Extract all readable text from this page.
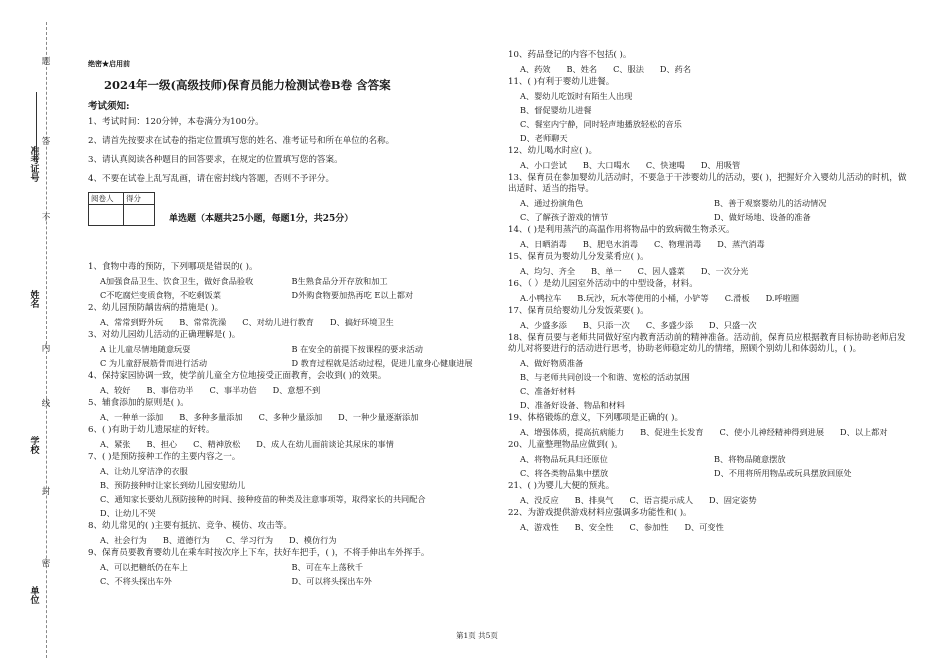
题
答
不
内
线
封
密
准考证号
姓名
学校
单位
绝密★启用前
2024年一级(高级技师)保育员能力检测试卷B卷 含答案
考试须知:
1、考试时间：120分钟，本卷满分为100分。
2、请首先按要求在试卷的指定位置填写您的姓名、准考证号和所在单位的名称。
3、请认真阅读各种题目的回答要求，在规定的位置填写您的答案。
4、不要在试卷上乱写乱画，请在密封线内答题，否则不予评分。
阅卷人	得分

单选题（本题共25小题，每题1分，共25分）
1、食物中毒的预防，下列哪项是错误的( )。
A加强食品卫生、饮食卫生，做好食品验收	B生熟食品分开存放和加工
C不吃腐烂变质食物，不吃剩饭菜	D外购食物要加热再吃 E以上都对
2、幼儿园预防龋齿病的措施是( )。
A、常常到野外玩 B、常常洗澡 C、对幼儿进行教育 D、搞好环境卫生
3、对幼儿园幼儿活动的正确理解是( )。
A 让儿童尽情地随意玩耍	B 在安全的前提下按课程的要求活动
C 为儿童舒展筋骨而进行活动	D 教育过程就是活动过程，促进儿童身心健康进展
4、保持家园协调一致，使学前儿童全方位地接受正面教育，会收到( )的效果。
A、较好 B、事倍功半 C、事半功倍 D、意想不到
5、辅食添加的原则是( )。
A、一种单一添加 B、多种多量添加 C、多种少量添加 D、一种少量逐渐添加
6、( )有助于幼儿遗尿症的好转。
A、紧张 B、担心 C、精神放松 D、成人在幼儿面前谈论其尿床的事情
7、( )是预防接种工作的主要内容之一。
A、让幼儿穿洁净的衣服
B、预防接种时让家长到幼儿园安慰幼儿
C、通知家长要幼儿预防接种的时间、接种疫苗的种类及注意事项等，取得家长的共同配合
D、让幼儿不哭
8、幼儿常见的( )主要有抵抗、竞争、模仿、攻击等。
A、社会行为 B、道德行为 C、学习行为 D、模仿行为
9、保育员要教育婴幼儿在乘车时按次序上下车，扶好车把手，( )，不将手伸出车外挥手。
A、可以把糖纸仍在车上	B、可在车上荡秋千
C、不将头探出车外	D、可以将头探出车外
10、药品登记的内容不包括( )。
A、药效 B、姓名 C、服法 D、药名
11、( )有利于婴幼儿进餐。
A、婴幼儿吃饭时有陌生人出现
B、督促婴幼儿进餐
C、餐室内宁静，同时轻声地播放轻松的音乐
D、老师聊天
12、幼儿喝水时应( )。
A、小口尝试 B、大口喝水 C、快速喝 D、用吸管
13、保育员在参加婴幼儿活动时，不要急于干涉婴幼儿的活动，要( )，把握好介入婴幼儿活动的时机，做出适时、适当的指导。
A、通过扮演角色	B、善于观察婴幼儿的活动情况
C、了解孩子游戏的情节	D、做好场地、设备的准备
14、( )是利用蒸汽的高温作用将物品中的致病微生物杀灭。
A、日晒消毒 B、肥皂水消毒 C、物理消毒 D、蒸汽消毒
15、保育员为婴幼儿分发菜肴应( )。
A、均匀、齐全 B、单一 C、因人盛菜 D、一次分光
16、（ ）是幼儿园室外活动中的中型设备，材料。
A.小鸭拉车 B.玩沙，玩水等使用的小桶，小铲等 C.滑板 D.呼啦圈
17、保育员给婴幼儿分发饭菜要( )。
A、少盛多添 B、只添一次 C、多盛少添 D、只盛一次
18、保育员要与老师共同做好室内教育活动前的精神准备。活动前，保育员应根据教育目标协助老师启发幼儿对将要进行的活动进行思考，协助老师稳定幼儿的情绪，照顾个别幼儿和体弱幼儿，( )。
A、做好物质准备
B、与老师共同创设一个和谐、宽松的活动氛围
C、准备好材料
D、准备好设备、物品和材料
19、体格锻炼的意义，下列哪项是正确的( )。
A、增强体质，提高抗病能力 B、促进生长发育 C、使小儿神经精神得到进展 D、以上都对
20、儿童整理物品应做到( )。
A、将物品玩具归还原位	B、将物品随意摆放
C、将各类物品集中摆放	D、不用将所用物品或玩具摆放回原处
21、( )为婴儿大便的预兆。
A、没反应 B、排臭气 C、语言提示成人 D、固定姿势
22、为游戏提供游戏材料应强调多功能性和( )。
A、游戏性 B、安全性 C、参加性 D、可变性
第1页 共5页
